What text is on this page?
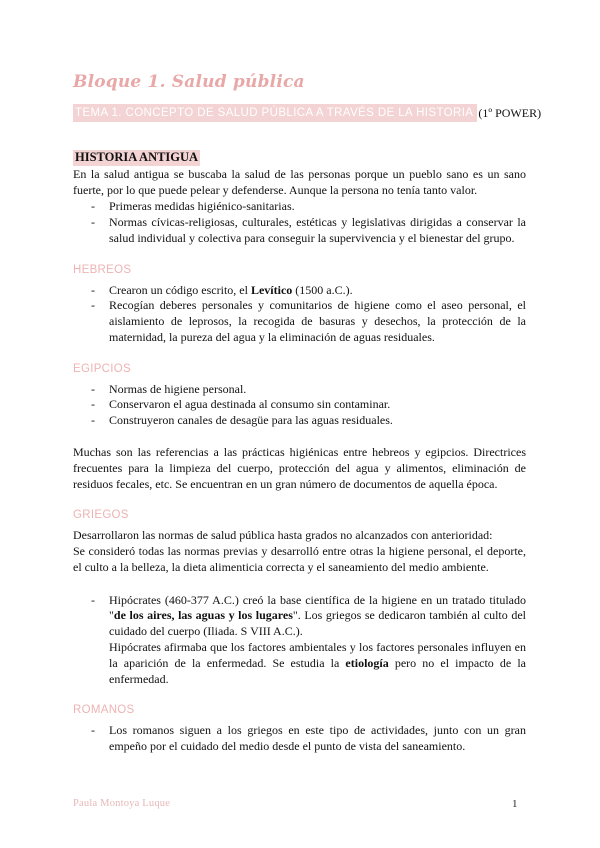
Bloque 1. Salud pública
TEMA 1. CONCEPTO DE SALUD PÚBLICA A TRAVÉS DE LA HISTORIA(1º POWER)
HISTORIA ANTIGUA

En la salud antigua se buscaba la salud de las personas porque un pueblo sano es un sano fuerte, por lo que puede pelear y defenderse. Aunque la persona no tenía tanto valor.

- Primeras medidas higiénico-sanitarias.
- Normas cívicas-religiosas, culturales, estéticas y legislativas dirigidas a conservar la salud individual y colectiva para conseguir la supervivencia y el bienestar del grupo.
HEBREOS
- Crearon un código escrito, el Levítico (1500 a.C.).
- Recogían deberes personales y comunitarios de higiene como el aseo personal, el aislamiento de leprosos, la recogida de basuras y desechos, la protección de la maternidad, la pureza del agua y la eliminación de aguas residuales.
EGIPCIOS
- Normas de higiene personal.
- Conservaron el agua destinada al consumo sin contaminar.
- Construyeron canales de desagüe para las aguas residuales.

Muchas son las referencias a las prácticas higiénicas entre hebreos y egipcios. Directrices frecuentes para la limpieza del cuerpo, protección del agua y alimentos, eliminación de residuos fecales, etc. Se encuentran en un gran número de documentos de aquella época.

GRIEGOS

Desarrollaron las normas de salud pública hasta grados no alcanzados con anterioridad:

Se consideró todas las normas previas y desarrolló entre otras la higiene personal, el deporte, el culto a la belleza, la dieta alimenticia correcta y el saneamiento del medio ambiente.

- Hipócrates (460-377 A.C.) creó la base científica de la higiene en un tratado titulado "de los aires, las aguas y los lugares". Los griegos se dedicaron también al culto del cuidado del cuerpo (Iliada. S VIII A.C.).

Hipócrates afirmaba que los factores ambientales y los factores personales influyen en la aparición de la enfermedad. Se estudia la etiología pero no el impacto de la enfermedad.

ROMANOS
- Los romanos siguen a los griegos en este tipo de actividades, junto con un gran empeño por el cuidado del medio desde el punto de vista del saneamiento.
Paula Montoya Luque	1
